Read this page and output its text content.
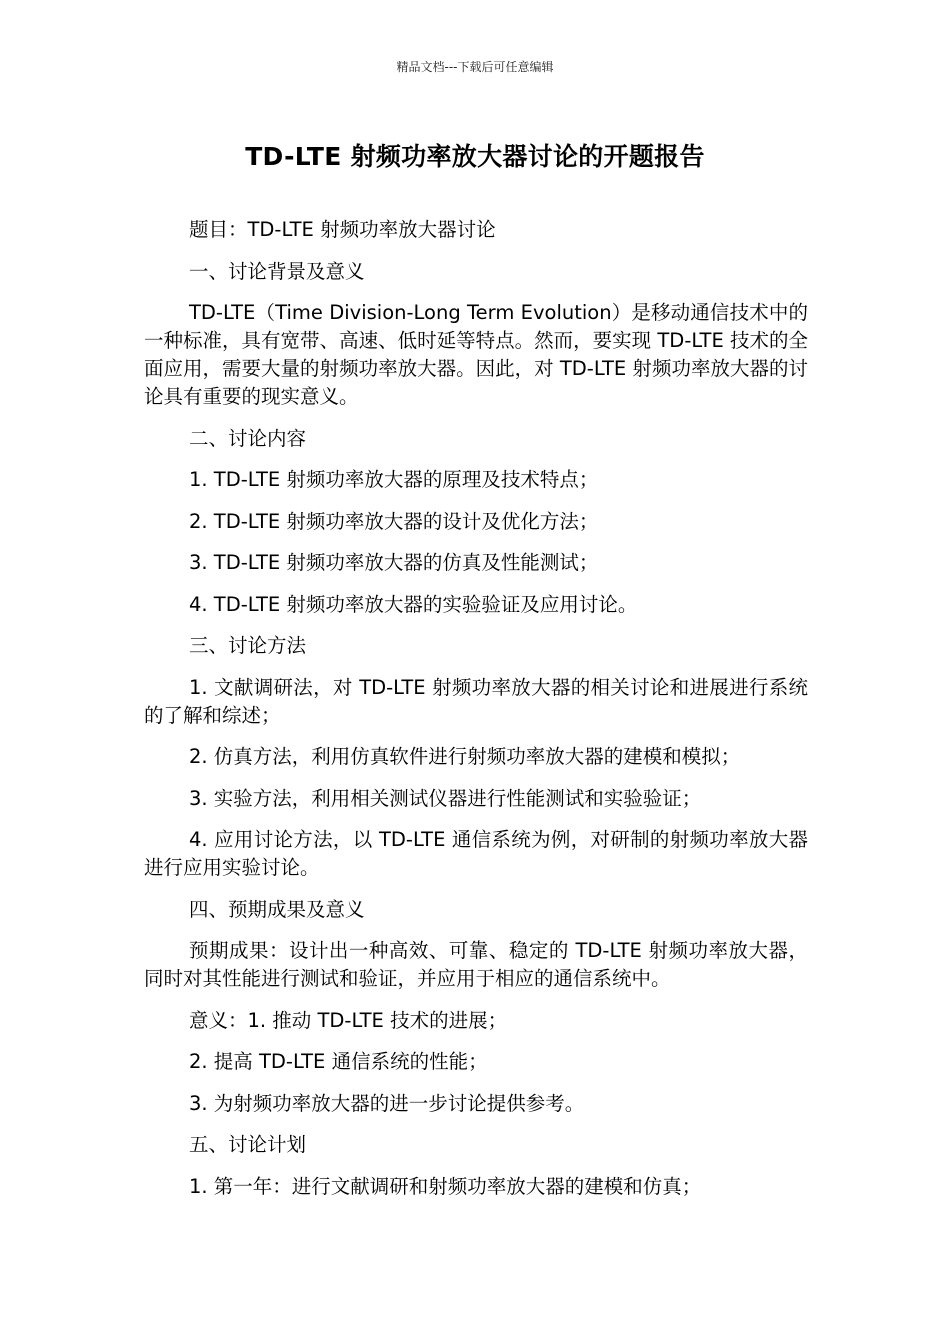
精品文档---下载后可任意编辑
TD-LTE 射频功率放大器讨论的开题报告

题目：TD-LTE 射频功率放大器讨论

一、讨论背景及意义

TD-LTE（Time Division-Long Term Evolution）是移动通信技术中的一种标准，具有宽带、高速、低时延等特点。然而，要实现 TD-LTE 技术的全面应用，需要大量的射频功率放大器。因此，对 TD-LTE 射频功率放大器的讨论具有重要的现实意义。

二、讨论内容

1. TD-LTE 射频功率放大器的原理及技术特点；

2. TD-LTE 射频功率放大器的设计及优化方法；

3. TD-LTE 射频功率放大器的仿真及性能测试；

4. TD-LTE 射频功率放大器的实验验证及应用讨论。

三、讨论方法

1. 文献调研法，对 TD-LTE 射频功率放大器的相关讨论和进展进行系统的了解和综述；

2. 仿真方法，利用仿真软件进行射频功率放大器的建模和模拟；

3. 实验方法，利用相关测试仪器进行性能测试和实验验证；

4. 应用讨论方法，以 TD-LTE 通信系统为例，对研制的射频功率放大器进行应用实验讨论。

四、预期成果及意义

预期成果：设计出一种高效、可靠、稳定的 TD-LTE 射频功率放大器，同时对其性能进行测试和验证，并应用于相应的通信系统中。

意义：1. 推动 TD-LTE 技术的进展；

2. 提高 TD-LTE 通信系统的性能；

3. 为射频功率放大器的进一步讨论提供参考。

五、讨论计划

1. 第一年：进行文献调研和射频功率放大器的建模和仿真；
